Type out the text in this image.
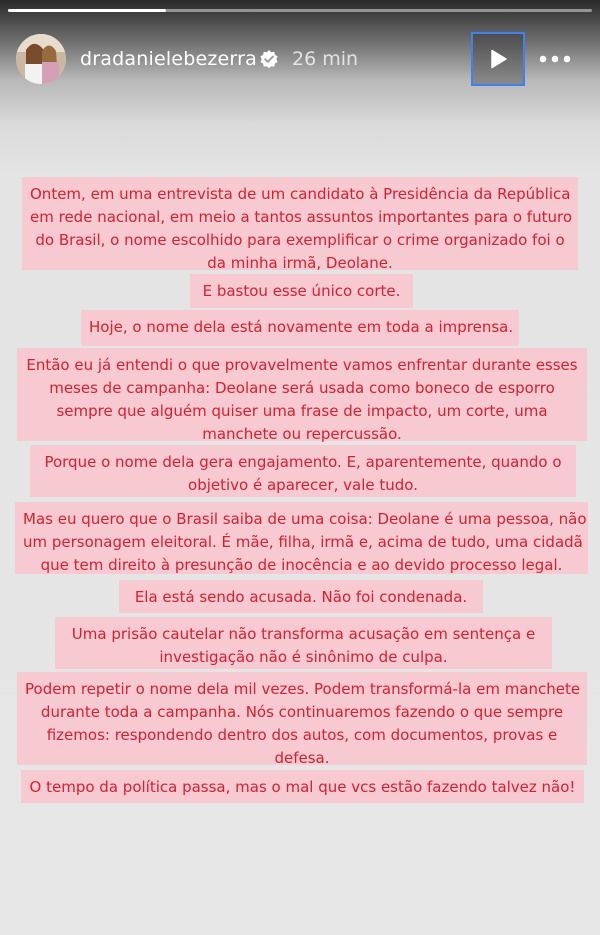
dradanielebezerra 26 min
Ontem, em uma entrevista de um candidato à Presidência da República
em rede nacional, em meio a tantos assuntos importantes para o futuro
do Brasil, o nome escolhido para exemplificar o crime organizado foi o
da minha irmã, Deolane.
E bastou esse único corte.
Hoje, o nome dela está novamente em toda a imprensa.
Então eu já entendi o que provavelmente vamos enfrentar durante esses
meses de campanha: Deolane será usada como boneco de esporro
sempre que alguém quiser uma frase de impacto, um corte, uma
manchete ou repercussão.
Porque o nome dela gera engajamento. E, aparentemente, quando o
objetivo é aparecer, vale tudo.
Mas eu quero que o Brasil saiba de uma coisa: Deolane é uma pessoa, não
um personagem eleitoral. É mãe, filha, irmã e, acima de tudo, uma cidadã
que tem direito à presunção de inocência e ao devido processo legal.
Ela está sendo acusada. Não foi condenada.
Uma prisão cautelar não transforma acusação em sentença e
investigação não é sinônimo de culpa.
Podem repetir o nome dela mil vezes. Podem transformá-la em manchete
durante toda a campanha. Nós continuaremos fazendo o que sempre
fizemos: respondendo dentro dos autos, com documentos, provas e
defesa.
O tempo da política passa, mas o mal que vcs estão fazendo talvez não!
